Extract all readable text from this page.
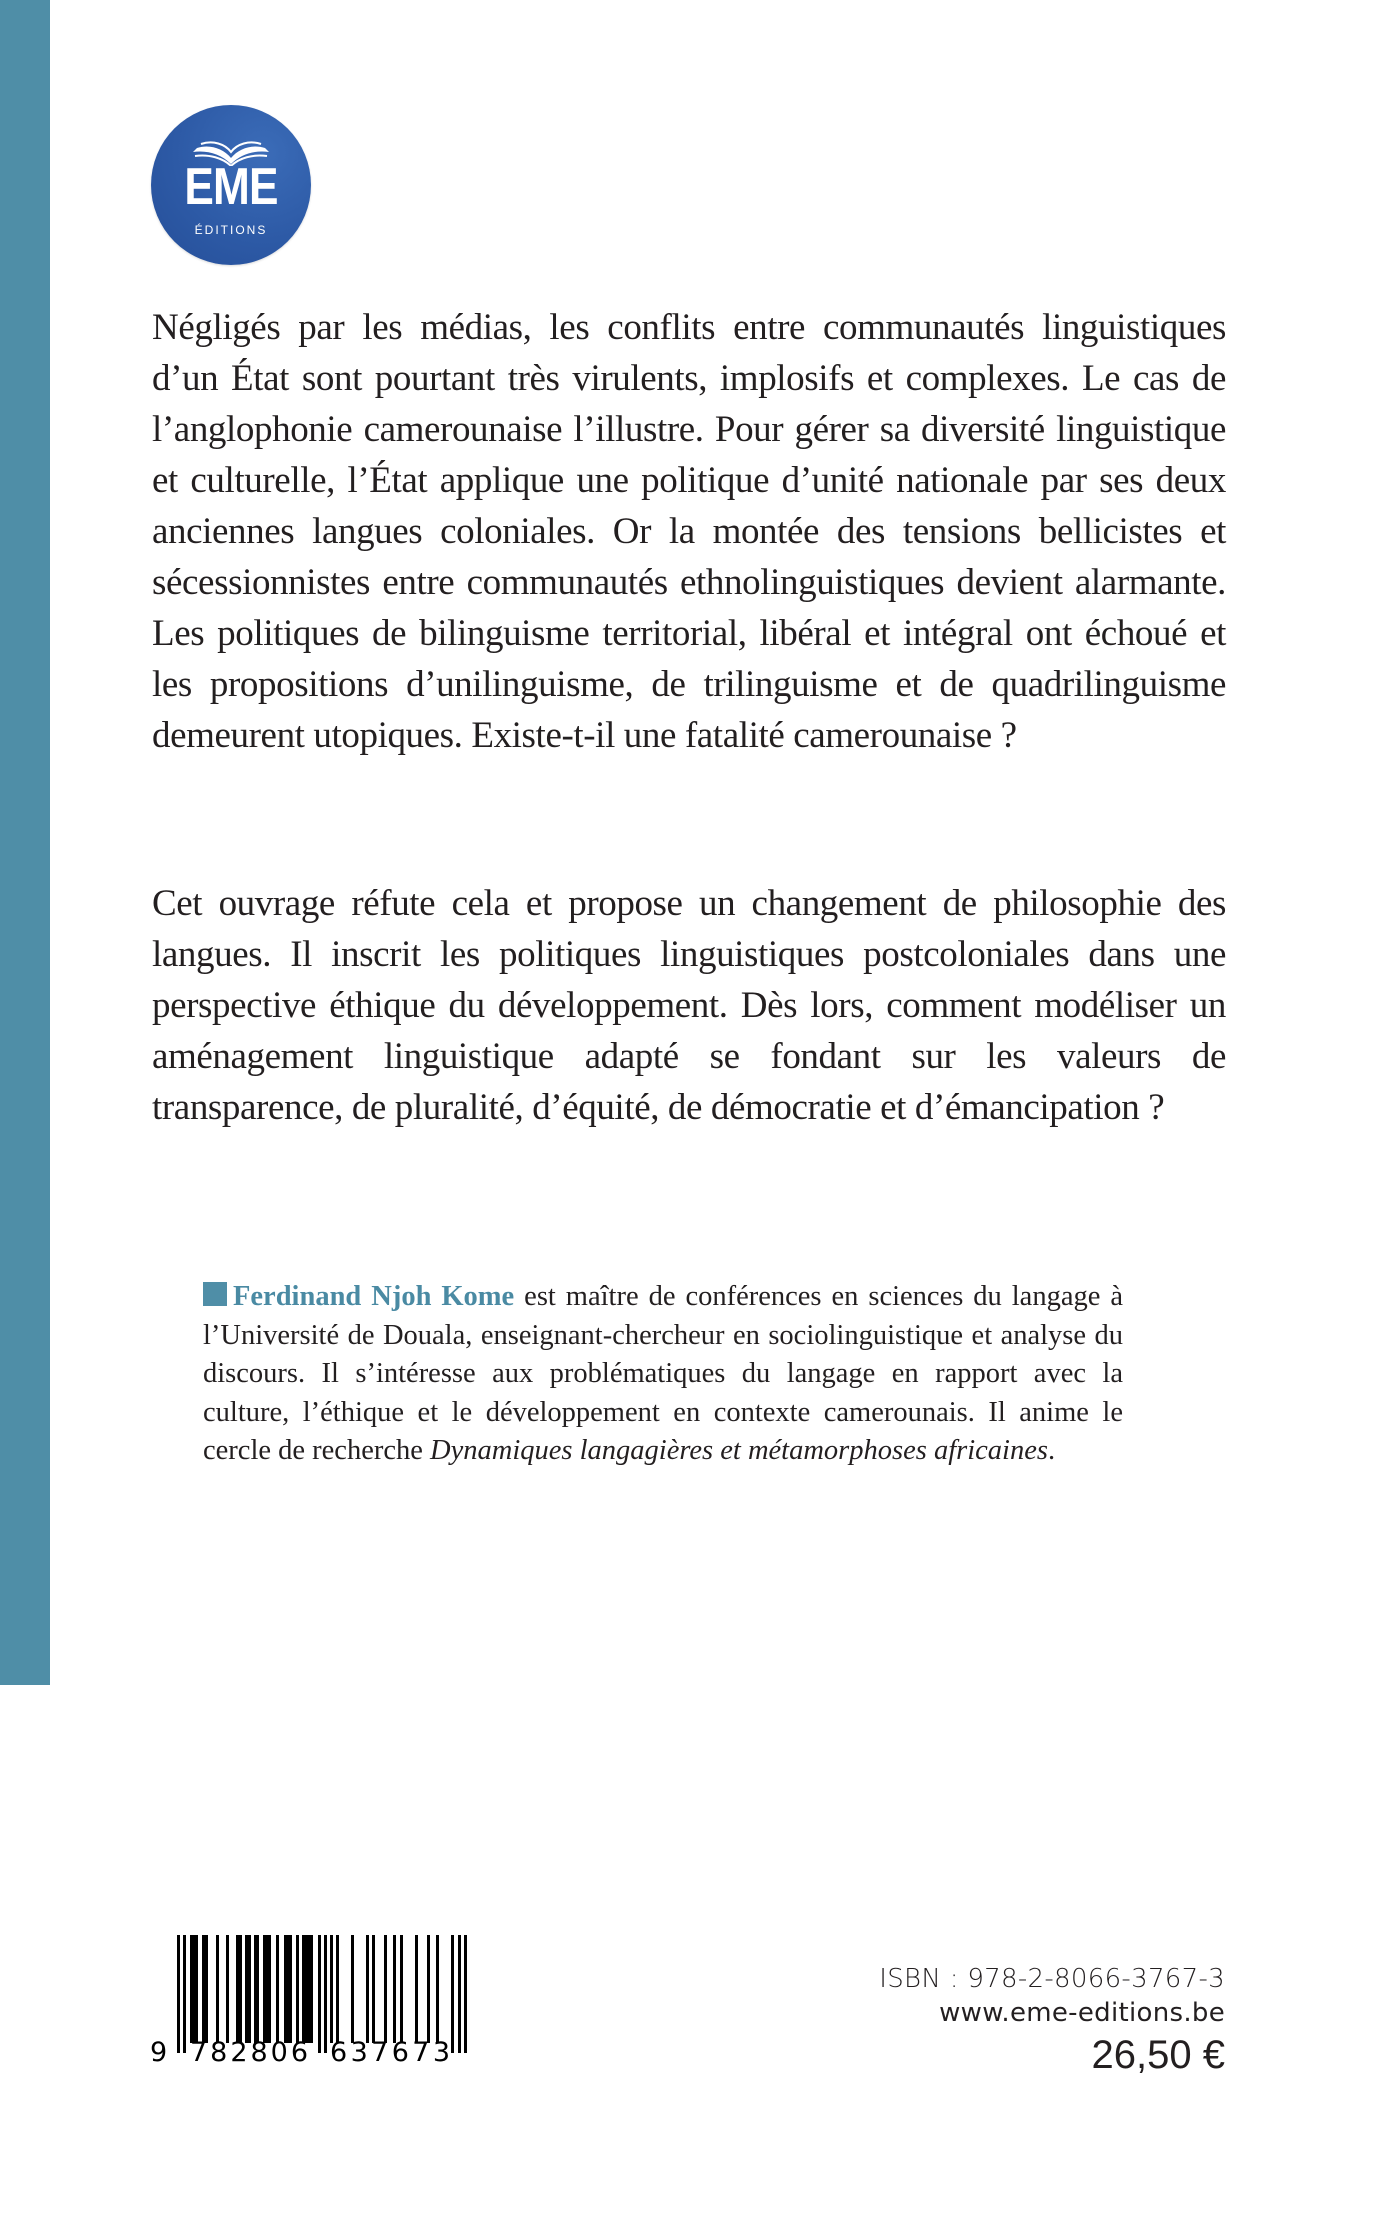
EME
ÉDITIONS

Négligés par les médias, les conflits entre communautés linguistiques d’un État sont pourtant très virulents, implosifs et complexes. Le cas de l’anglophonie camerounaise l’illustre. Pour gérer sa diversité linguistique et culturelle, l’État applique une politique d’unité nationale par ses deux anciennes langues coloniales. Or la montée des tensions bellicistes et sécessionnistes entre communautés ethnolinguistiques devient alarmante. Les politiques de bilinguisme territorial, libéral et intégral ont échoué et les propositions d’unilinguisme, de trilinguisme et de quadrilinguisme demeurent utopiques. Existe-t-il une fatalité camerounaise ?

Cet ouvrage réfute cela et propose un changement de philosophie des langues. Il inscrit les politiques linguistiques postcoloniales dans une perspective éthique du développement. Dès lors, comment modéliser un aménagement linguistique adapté se fondant sur les valeurs de transparence, de pluralité, d’équité, de démocratie et d’émancipation ?

Ferdinand Njoh Kome est maître de conférences en sciences du langage à l’Université de Douala, enseignant-chercheur en sociolinguistique et analyse du discours. Il s’intéresse aux problématiques du langage en rapport avec la culture, l’éthique et le développement en contexte camerounais. Il anime le cercle de recherche Dynamiques langagières et métamorphoses africaines.
9 782806 637673
ISBN : 978-2-8066-3767-3
www.eme-editions.be
26,50 €
